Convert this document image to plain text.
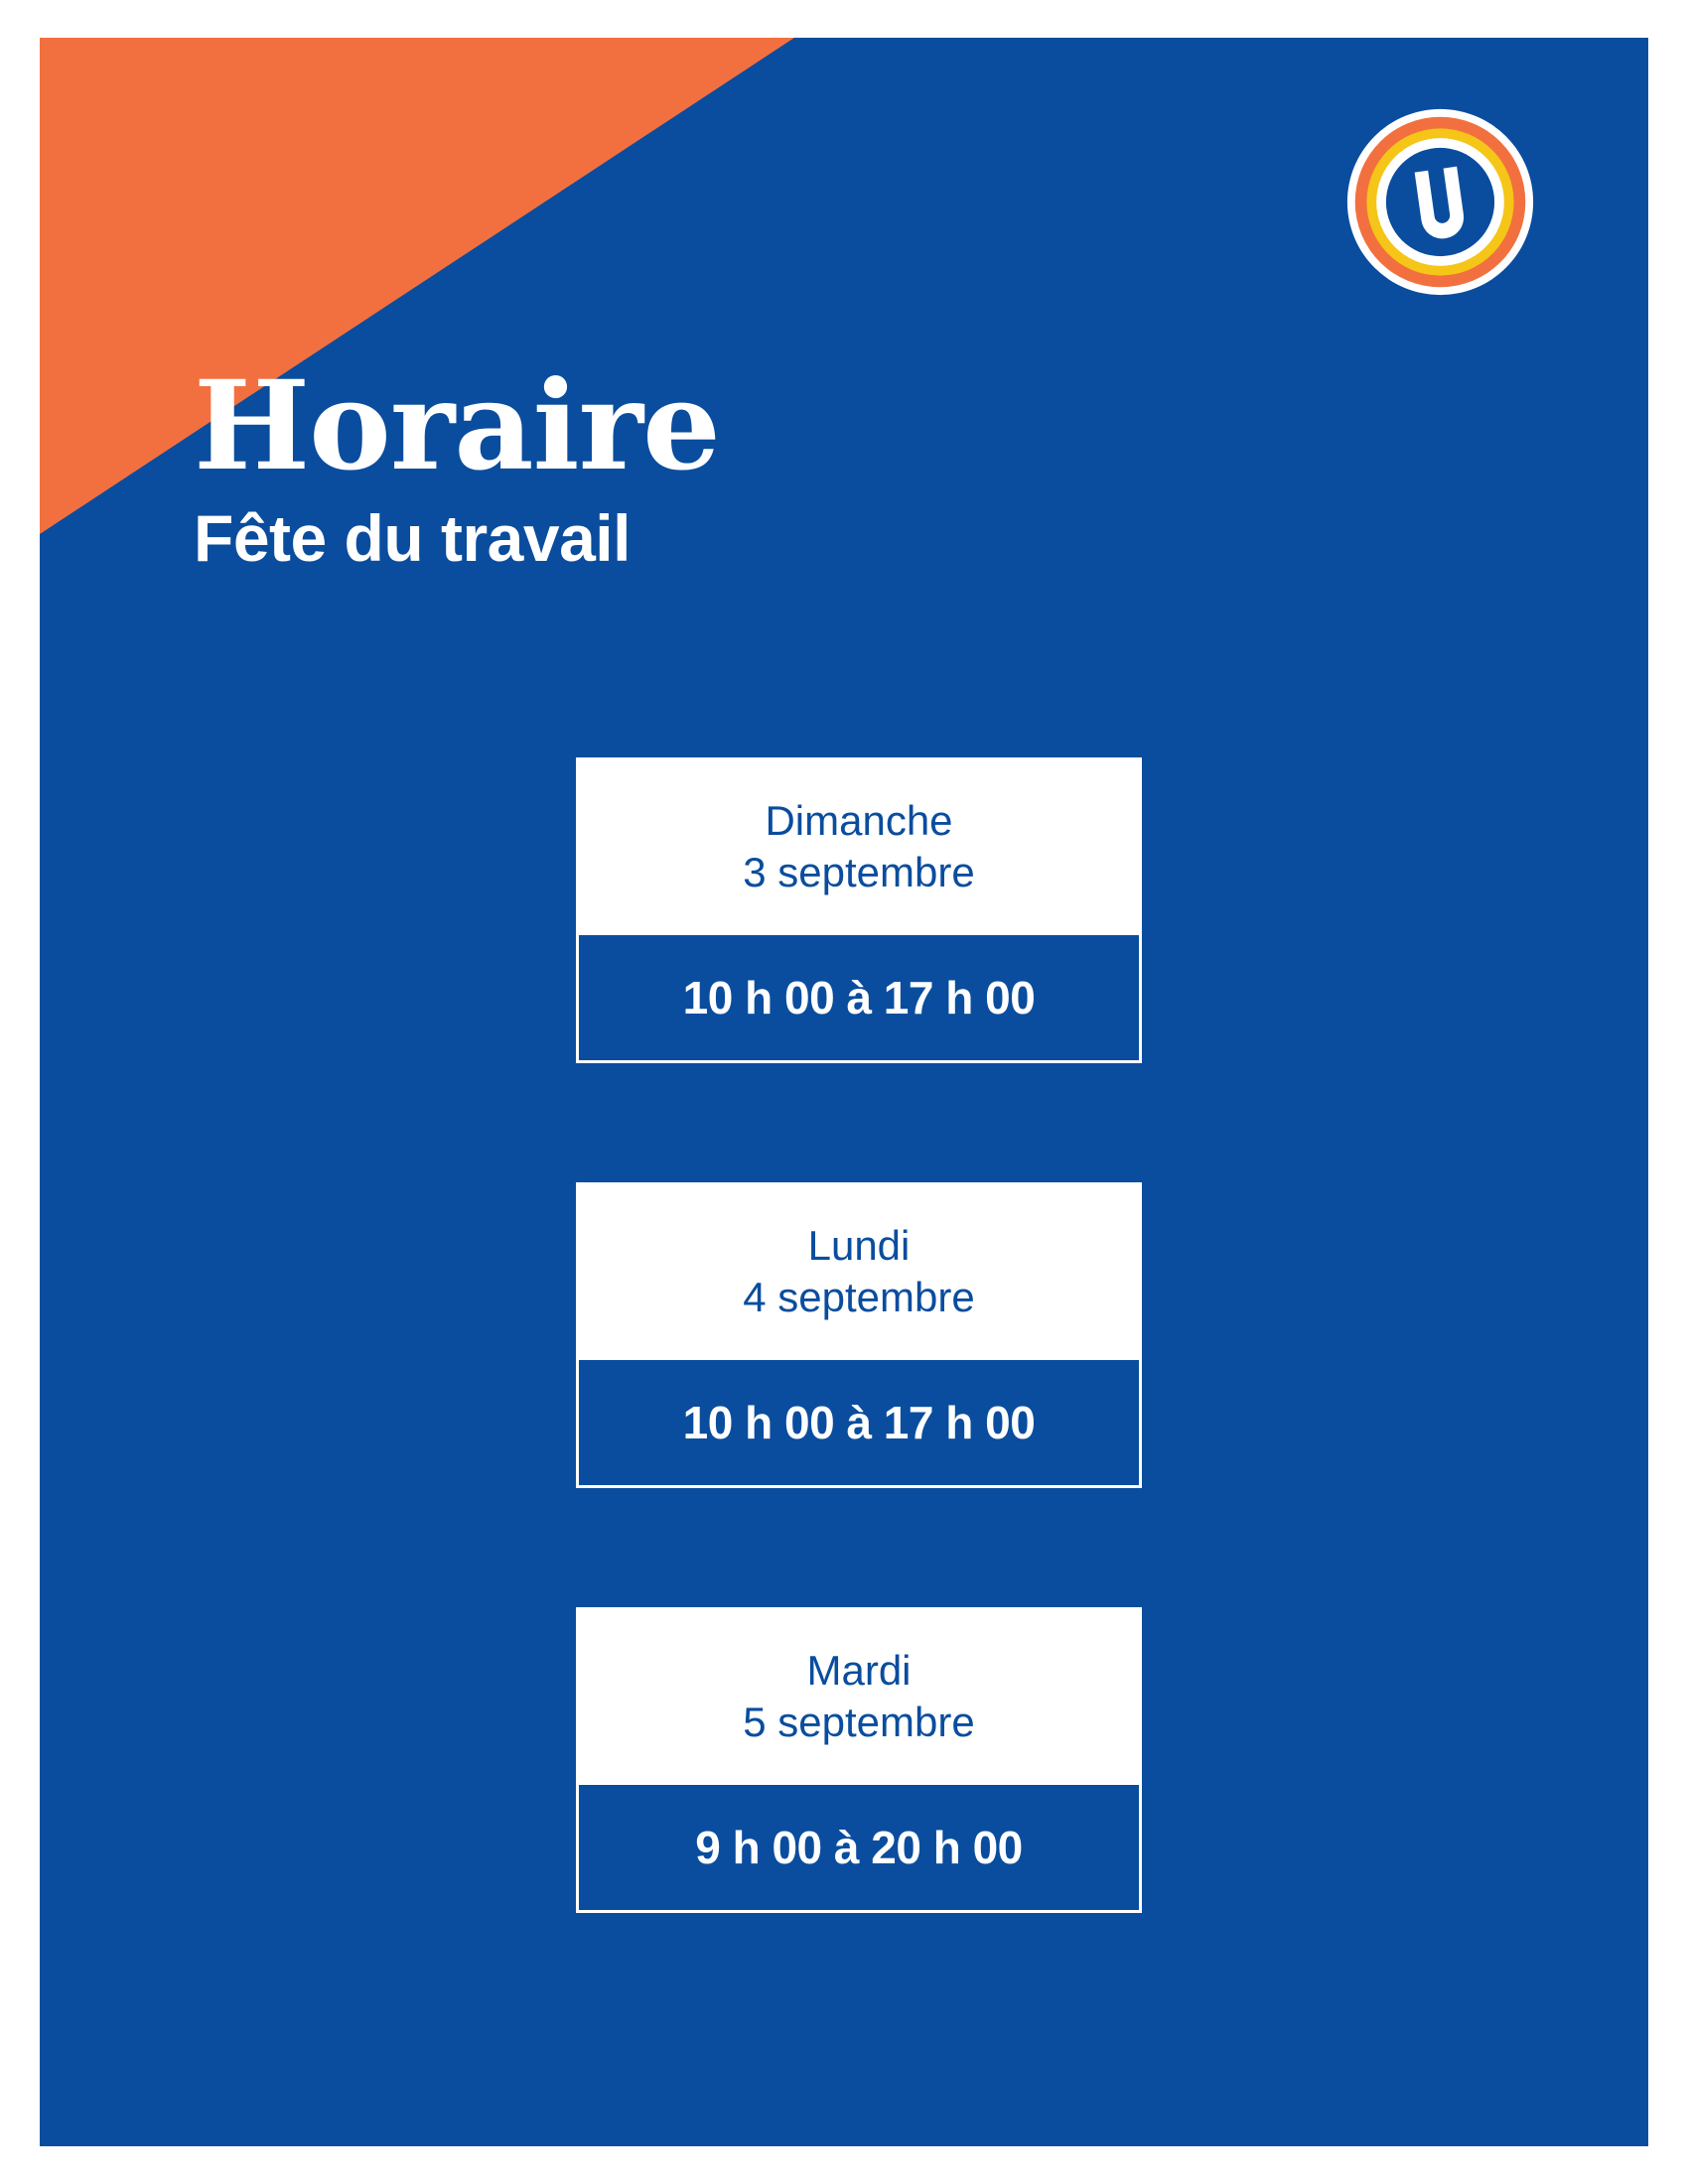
Horaire
Fête du travail
Dimanche
3 septembre
10 h 00 à 17 h 00
Lundi
4 septembre
10 h 00 à 17 h 00
Mardi
5 septembre
9 h 00 à 20 h 00
